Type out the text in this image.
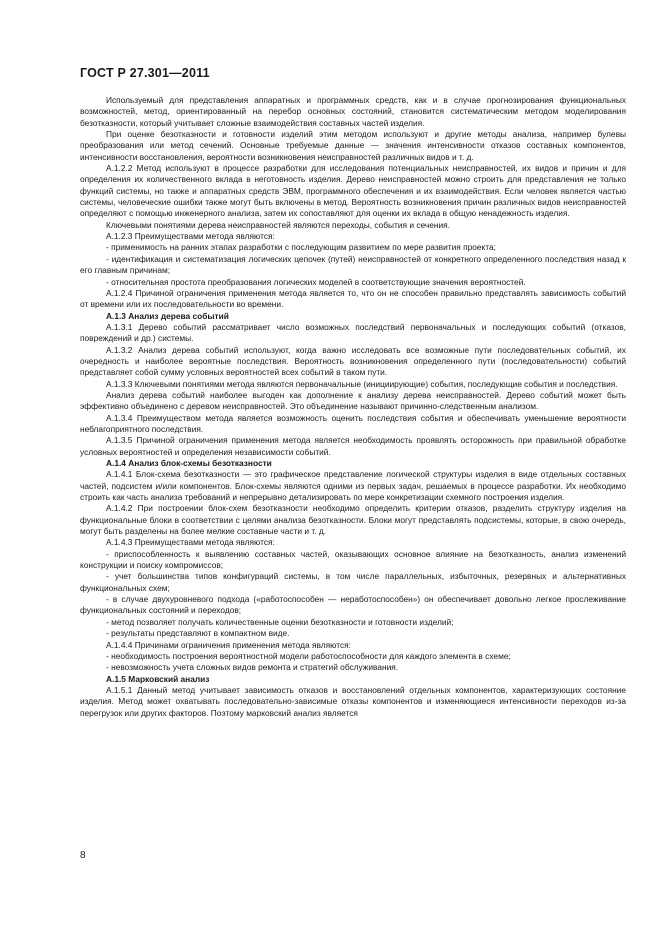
ГОСТ Р 27.301—2011

Используемый для представления аппаратных и программных средств, как и в случае прогнозирования функциональных возможностей, метод, ориентированный на перебор основных состояний, становится систематическим методом моделирования безотказности, который учитывает сложные взаимодействия составных частей изделия.

При оценке безотказности и готовности изделий этим методом используют и другие методы анализа, например булевы преобразования или метод сечений. Основные требуемые данные — значения интенсивности отказов составных компонентов, интенсивности восстановления, вероятности возникновения неисправностей различных видов и т. д.

А.1.2.2 Метод используют в процессе разработки для исследования потенциальных неисправностей, их видов и причин и для определения их количественного вклада в неготовность изделия. Дерево неисправностей можно строить для представления не только функций системы, но также и аппаратных средств ЭВМ, программного обеспечения и их взаимодействия. Если человек является частью системы, человеческие ошибки также могут быть включены в метод. Вероятность возникновения причин различных видов неисправностей определяют с помощью инженерного анализа, затем их сопоставляют для оценки их вклада в общую ненадежность изделия.

Ключевыми понятиями дерева неисправностей являются переходы, события и сечения.

А.1.2.3 Преимуществами метода являются:

- применимость на ранних этапах разработки с последующим развитием по мере развития проекта;

- идентификация и систематизация логических цепочек (путей) неисправностей от конкретного определенного последствия назад к его главным причинам;

- относительная простота преобразования логических моделей в соответствующие значения вероятностей.

А.1.2.4 Причиной ограничения применения метода является то, что он не способен правильно представлять зависимость событий от времени или их последовательности во времени.

А.1.3 Анализ дерева событий

А.1.3.1 Дерево событий рассматривает число возможных последствий первоначальных и последующих событий (отказов, повреждений и др.) системы.

А.1.3.2 Анализ дерева событий используют, когда важно исследовать все возможные пути последовательных событий, их очередность и наиболее вероятные последствия. Вероятность возникновения определенного пути (последовательности) событий представляет собой сумму условных вероятностей всех событий в таком пути.

А.1.3.3 Ключевыми понятиями метода являются первоначальные (инициирующие) события, последующие события и последствия.

Анализ дерева событий наиболее выгоден как дополнение к анализу дерева неисправностей. Дерево событий может быть эффективно объединено с деревом неисправностей. Это объединение называют причинно-следственным анализом.

А.1.3.4 Преимуществом метода является возможность оценить последствия события и обеспечивать уменьшение вероятности неблагоприятного последствия.

А.1.3.5 Причиной ограничения применения метода является необходимость проявлять осторожность при правильной обработке условных вероятностей и определения независимости событий.

А.1.4 Анализ блок-схемы безотказности

А.1.4.1 Блок-схема безотказности — это графическое представление логической структуры изделия в виде отдельных составных частей, подсистем и/или компонентов. Блок-схемы являются одними из первых задач, решаемых в процессе разработки. Их необходимо строить как часть анализа требований и непрерывно детализировать по мере конкретизации схемного построения изделия.

А.1.4.2 При построении блок-схем безотказности необходимо определить критерии отказов, разделить структуру изделия на функциональные блоки в соответствии с целями анализа безотказности. Блоки могут представлять подсистемы, которые, в свою очередь, могут быть разделены на более мелкие составные части и т. д.

А.1.4.3 Преимуществами метода являются:

- приспособленность к выявлению составных частей, оказывающих основное влияние на безотказность, анализ изменений конструкции и поиску компромиссов;

- учет большинства типов конфигураций системы, в том числе параллельных, избыточных, резервных и альтернативных функциональных схем;

- в случае двухуровневого подхода («работоспособен — неработоспособен») он обеспечивает довольно легкое прослеживание функциональных состояний и переходов;

- метод позволяет получать количественные оценки безотказности и готовности изделий;

- результаты представляют в компактном виде.

А.1.4.4 Причинами ограничения применения метода являются:

- необходимость построения вероятностной модели работоспособности для каждого элемента в схеме;

- невозможность учета сложных видов ремонта и стратегий обслуживания.

А.1.5 Марковский анализ

А.1.5.1 Данный метод учитывает зависимость отказов и восстановлений отдельных компонентов, характеризующих состояние изделия. Метод может охватывать последовательно-зависимые отказы компонентов и изменяющиеся интенсивности переходов из-за перегрузок или других факторов. Поэтому марковский анализ является

8
